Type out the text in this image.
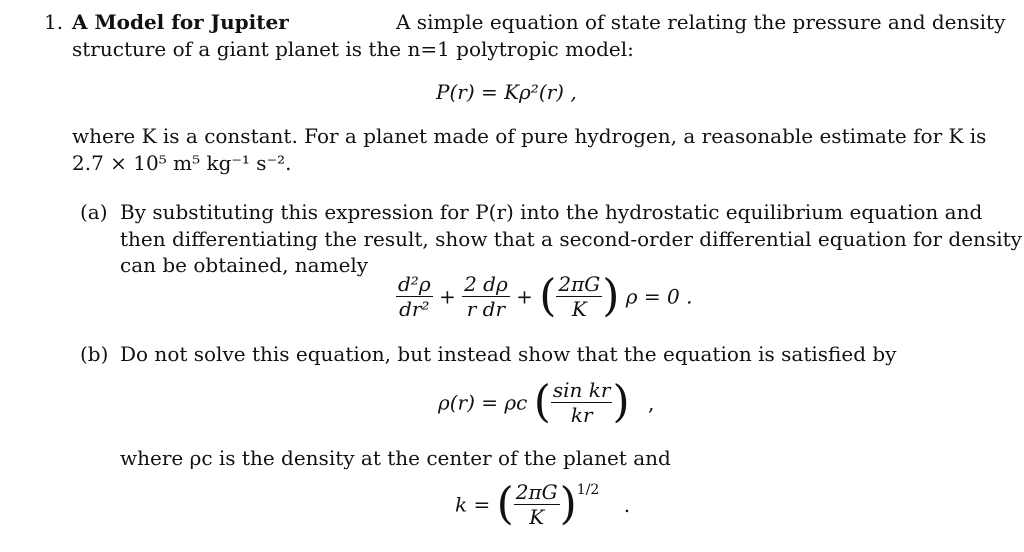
1. A Model for Jupiter	A simple equation of state relating the pressure and density
structure of a giant planet is the n=1 polytropic model:
P(r) = Kρ²(r) ,
where K is a constant. For a planet made of pure hydrogen, a reasonable estimate for K is
2.7 × 10⁵ m⁵ kg⁻¹ s⁻².
(a) By substituting this expression for P(r) into the hydrostatic equilibrium equation and
then differentiating the result, show that a second-order differential equation for density
can be obtained, namely
$\frac{\text{d²ρ}}{\text{dr²}} + \frac{2 d\rho}{\text{r dr}}$ + ( $\frac{2\pi G}{K}$ ) ρ = 0 .
(b) Do not solve this equation, but instead show that the equation is satisfied by
ρ(r) = ρc ( $\frac{\text{sin kr}}{kr}$ ) ,
where ρc is the density at the center of the planet and
k = ( $\frac{2\pi G}{K} )^{1/2}$ .
